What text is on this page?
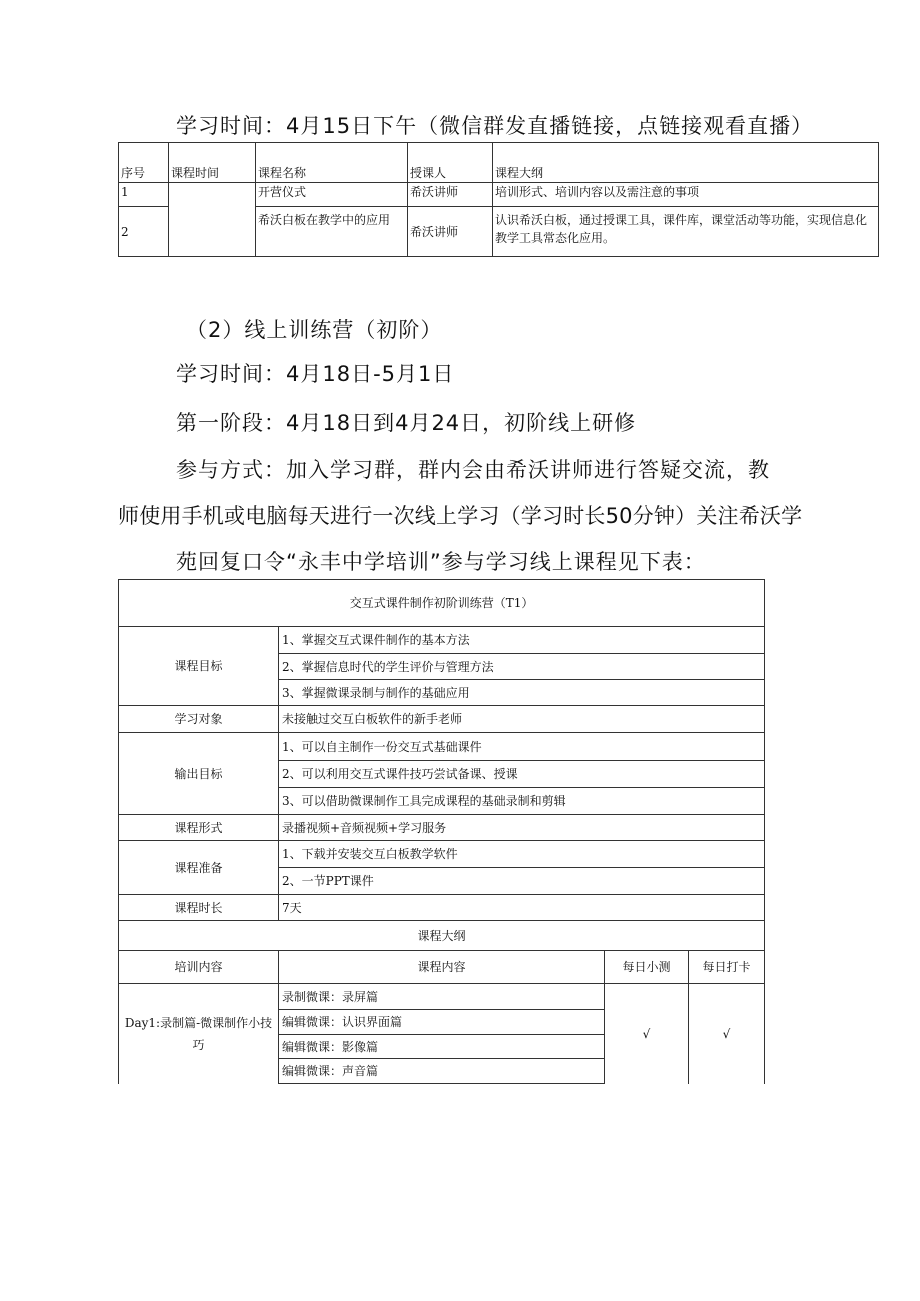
学习时间：4月15日下午（微信群发直播链接，点链接观看直播）

序号	课程时间	课程名称	授课人	课程大纲
1		开营仪式	希沃讲师	培训形式、培训内容以及需注意的事项
2		希沃白板在教学中的应用	希沃讲师	认识希沃白板，通过授课工具，课件库，课堂活动等功能，实现信息化教学工具常态化应用。

（2）线上训练营（初阶）

学习时间：4月18日-5月1日

第一阶段：4月18日到4月24日，初阶线上研修

参与方式：加入学习群，群内会由希沃讲师进行答疑交流，教

师使用手机或电脑每天进行一次线上学习（学习时长50分钟）关注希沃学

苑回复口令“永丰中学培训”参与学习线上课程见下表：

交互式课件制作初阶训练营（T1）			
课程目标	1、掌握交互式课件制作的基本方法		
	2、掌握信息时代的学生评价与管理方法		
	3、掌握微课录制与制作的基础应用		
学习对象	未接触过交互白板软件的新手老师		
输出目标	1、可以自主制作一份交互式基础课件		
	2、可以利用交互式课件技巧尝试备课、授课		
	3、可以借助微课制作工具完成课程的基础录制和剪辑		
课程形式	录播视频+音频视频+学习服务		
课程准备	1、下载并安装交互白板教学软件		
	2、一节PPT课件		
课程时长	7天		
课程大纲			
培训内容	课程内容	每日小测	每日打卡
Day1:录制篇-微课制作小技巧	录制微课：录屏篇	√	√
	编辑微课：认识界面篇		
	编辑微课：影像篇		
	编辑微课：声音篇		
